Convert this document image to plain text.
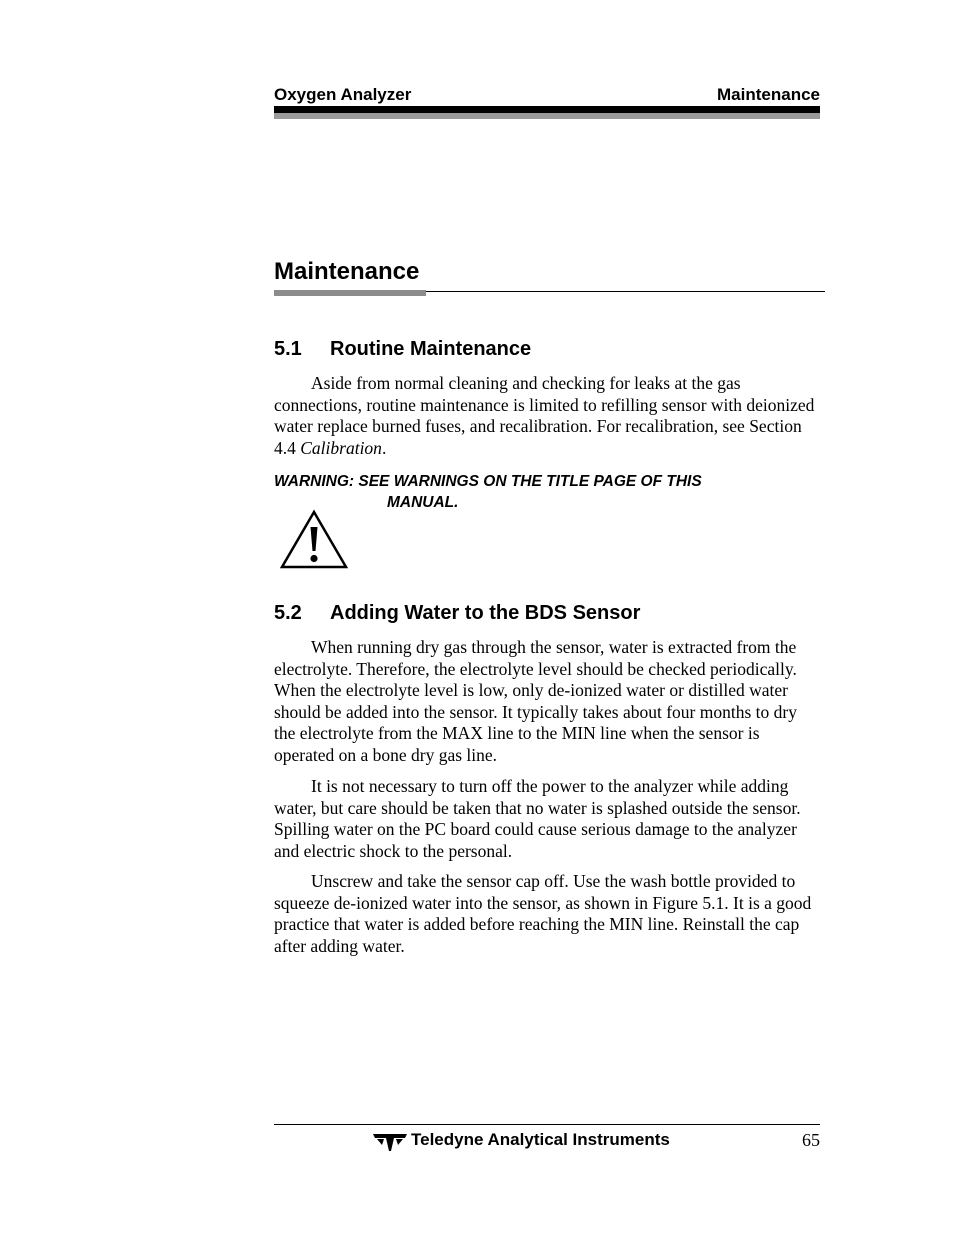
Oxygen Analyzer	Maintenance
Maintenance
5.1 Routine Maintenance

Aside from normal cleaning and checking for leaks at the gas connections, routine maintenance is limited to refilling sensor with deionized water replace burned fuses, and recalibration. For recalibration, see Section 4.4 Calibration.

WARNING: SEE WARNINGS ON THE TITLE PAGE OF THIS
MANUAL.
5.2 Adding Water to the BDS Sensor

When running dry gas through the sensor, water is extracted from the electrolyte. Therefore, the electrolyte level should be checked periodically. When the electrolyte level is low, only de-ionized water or distilled water should be added into the sensor. It typically takes about four months to dry the electrolyte from the MAX line to the MIN line when the sensor is operated on a bone dry gas line.

It is not necessary to turn off the power to the analyzer while adding water, but care should be taken that no water is splashed outside the sensor. Spilling water on the PC board could cause serious damage to the analyzer and electric shock to the personal.

Unscrew and take the sensor cap off. Use the wash bottle provided to squeeze de-ionized water into the sensor, as shown in Figure 5.1. It is a good practice that water is added before reaching the MIN line. Reinstall the cap after adding water.

Teledyne Analytical Instruments	65
